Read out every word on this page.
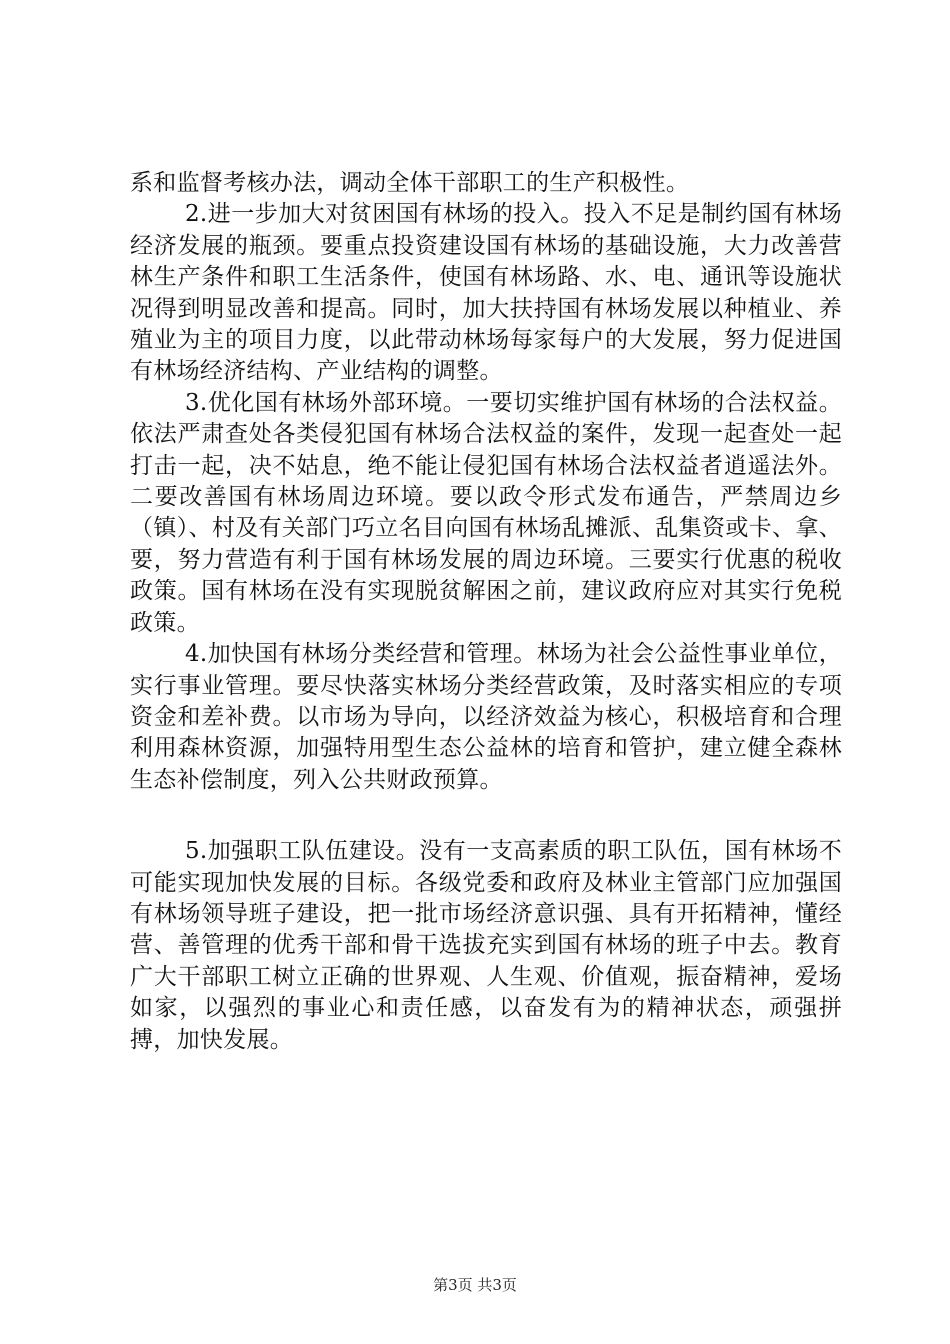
系和监督考核办法，调动全体干部职工的生产积极性。

2.进一步加大对贫困国有林场的投入。投入不足是制约国有林场经济发展的瓶颈。要重点投资建设国有林场的基础设施，大力改善营林生产条件和职工生活条件，使国有林场路、水、电、通讯等设施状况得到明显改善和提高。同时，加大扶持国有林场发展以种植业、养殖业为主的项目力度，以此带动林场每家每户的大发展，努力促进国有林场经济结构、产业结构的调整。

3.优化国有林场外部环境。一要切实维护国有林场的合法权益。依法严肃查处各类侵犯国有林场合法权益的案件，发现一起查处一起打击一起，决不姑息，绝不能让侵犯国有林场合法权益者逍遥法外。二要改善国有林场周边环境。要以政令形式发布通告，严禁周边乡（镇）、村及有关部门巧立名目向国有林场乱摊派、乱集资或卡、拿、要，努力营造有利于国有林场发展的周边环境。三要实行优惠的税收政策。国有林场在没有实现脱贫解困之前，建议政府应对其实行免税政策。

4.加快国有林场分类经营和管理。林场为社会公益性事业单位，实行事业管理。要尽快落实林场分类经营政策，及时落实相应的专项资金和差补费。以市场为导向，以经济效益为核心，积极培育和合理利用森林资源，加强特用型生态公益林的培育和管护，建立健全森林生态补偿制度，列入公共财政预算。

5.加强职工队伍建设。没有一支高素质的职工队伍，国有林场不可能实现加快发展的目标。各级党委和政府及林业主管部门应加强国有林场领导班子建设，把一批市场经济意识强、具有开拓精神，懂经营、善管理的优秀干部和骨干选拔充实到国有林场的班子中去。教育广大干部职工树立正确的世界观、人生观、价值观，振奋精神，爱场如家，以强烈的事业心和责任感，以奋发有为的精神状态，顽强拼搏，加快发展。

第3页 共3页
